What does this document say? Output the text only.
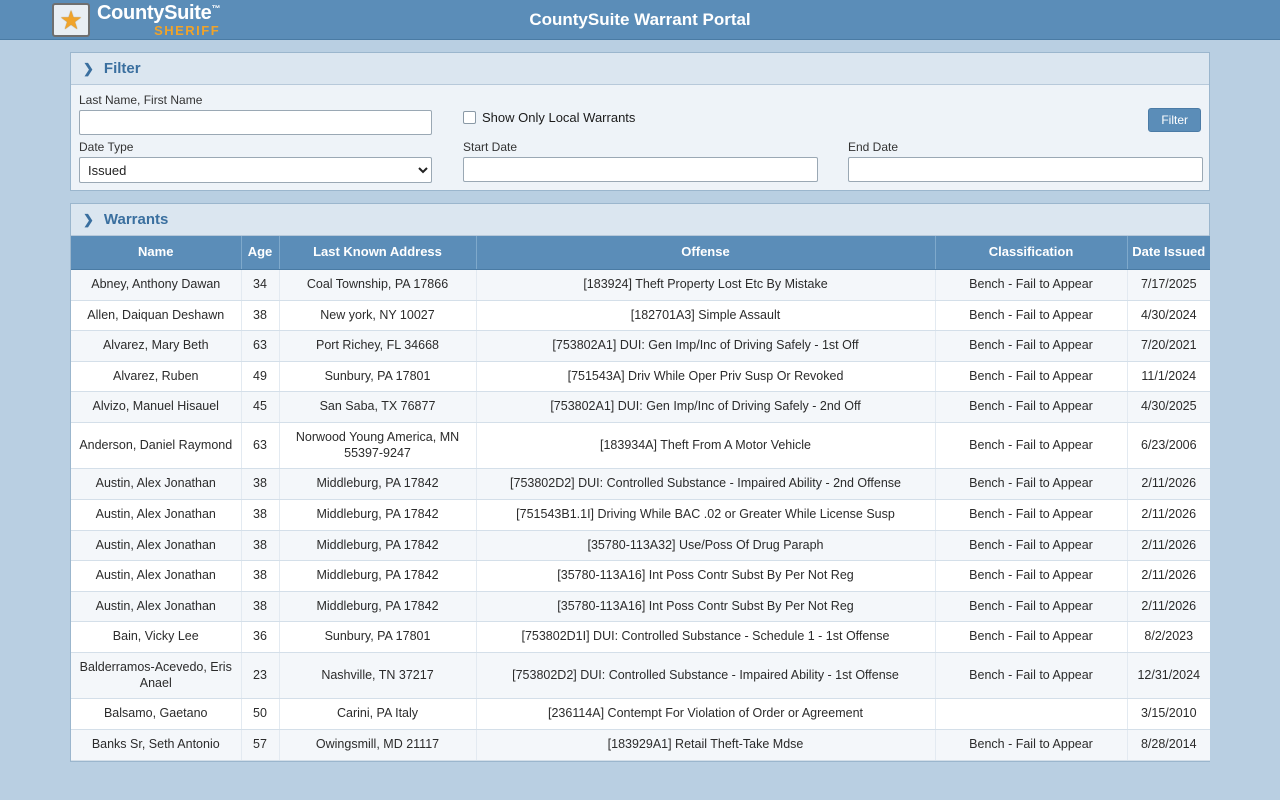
★ CountySuite™
SHERIFF
CountySuite Warrant Portal
❯ Filter
Last Name, First Name
Show Only Local Warrants	Filter
Date Type
Issued	Start Date	End Date
❯ Warrants
Name	Age	Last Known Address	Offense	Classification	Date Issued
Abney, Anthony Dawan	34	Coal Township, PA 17866	[183924] Theft Property Lost Etc By Mistake	Bench - Fail to Appear	7/17/2025
Allen, Daiquan Deshawn	38	New york, NY 10027	[182701A3] Simple Assault	Bench - Fail to Appear	4/30/2024
Alvarez, Mary Beth	63	Port Richey, FL 34668	[753802A1] DUI: Gen Imp/Inc of Driving Safely - 1st Off	Bench - Fail to Appear	7/20/2021
Alvarez, Ruben	49	Sunbury, PA 17801	[751543A] Driv While Oper Priv Susp Or Revoked	Bench - Fail to Appear	11/1/2024
Alvizo, Manuel Hisauel	45	San Saba, TX 76877	[753802A1] DUI: Gen Imp/Inc of Driving Safely - 2nd Off	Bench - Fail to Appear	4/30/2025
Anderson, Daniel Raymond	63	Norwood Young America, MN 55397-9247	[183934A] Theft From A Motor Vehicle	Bench - Fail to Appear	6/23/2006
Austin, Alex Jonathan	38	Middleburg, PA 17842	[753802D2] DUI: Controlled Substance - Impaired Ability - 2nd Offense	Bench - Fail to Appear	2/11/2026
Austin, Alex Jonathan	38	Middleburg, PA 17842	[751543B1.1I] Driving While BAC .02 or Greater While License Susp	Bench - Fail to Appear	2/11/2026
Austin, Alex Jonathan	38	Middleburg, PA 17842	[35780-113A32] Use/Poss Of Drug Paraph	Bench - Fail to Appear	2/11/2026
Austin, Alex Jonathan	38	Middleburg, PA 17842	[35780-113A16] Int Poss Contr Subst By Per Not Reg	Bench - Fail to Appear	2/11/2026
Austin, Alex Jonathan	38	Middleburg, PA 17842	[35780-113A16] Int Poss Contr Subst By Per Not Reg	Bench - Fail to Appear	2/11/2026
Bain, Vicky Lee	36	Sunbury, PA 17801	[753802D1I] DUI: Controlled Substance - Schedule 1 - 1st Offense	Bench - Fail to Appear	8/2/2023
Balderramos-Acevedo, Eris Anael	23	Nashville, TN 37217	[753802D2] DUI: Controlled Substance - Impaired Ability - 1st Offense	Bench - Fail to Appear	12/31/2024
Balsamo, Gaetano	50	Carini, PA Italy	[236114A] Contempt For Violation of Order or Agreement		3/15/2010
Banks Sr, Seth Antonio	57	Owingsmill, MD 21117	[183929A1] Retail Theft-Take Mdse	Bench - Fail to Appear	8/28/2014
